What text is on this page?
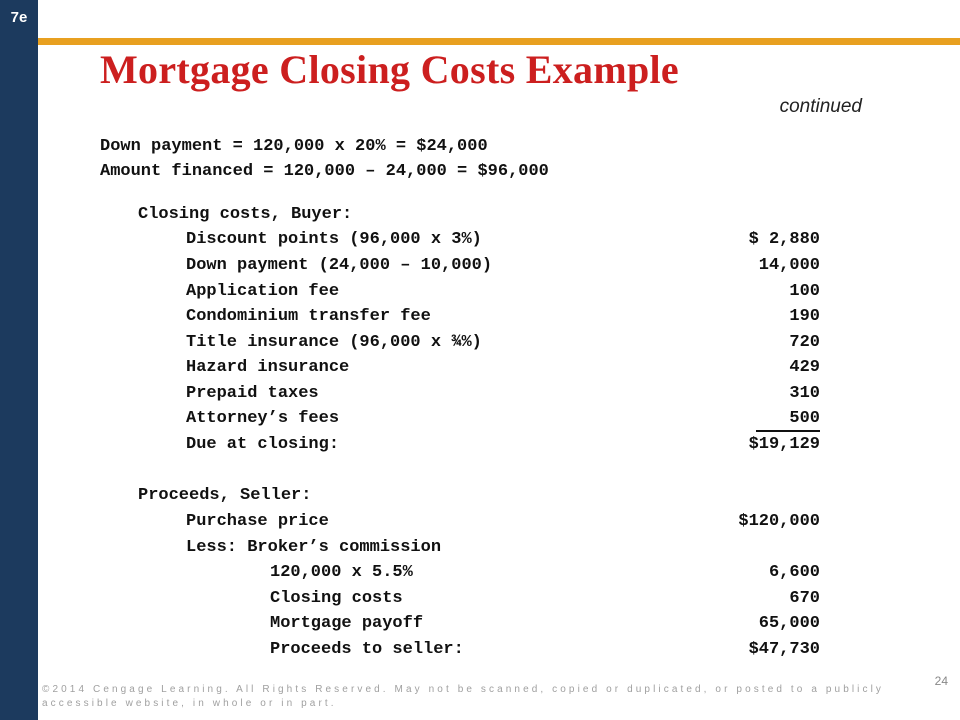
7e
Mortgage Closing Costs Example
continued
Down payment = 120,000 x 20% = $24,000
Amount financed = 120,000 – 24,000 = $96,000
Closing costs, Buyer:
Discount points (96,000 x 3%)	$ 2,880
Down payment (24,000 – 10,000)	14,000
Application fee	100
Condominium transfer fee	190
Title insurance (96,000 x ¾%)	720
Hazard insurance	429
Prepaid taxes	310
Attorney’s fees	500
Due at closing:	$19,129
Proceeds, Seller:
Purchase price	$120,000
Less: Broker’s commission
120,000 x 5.5%	6,600
Closing costs	670
Mortgage payoff	65,000
Proceeds to seller:	$47,730
24
©2014 Cengage Learning. All Rights Reserved. May not be scanned, copied or duplicated, or posted to a publicly accessible website, in whole or in part.
